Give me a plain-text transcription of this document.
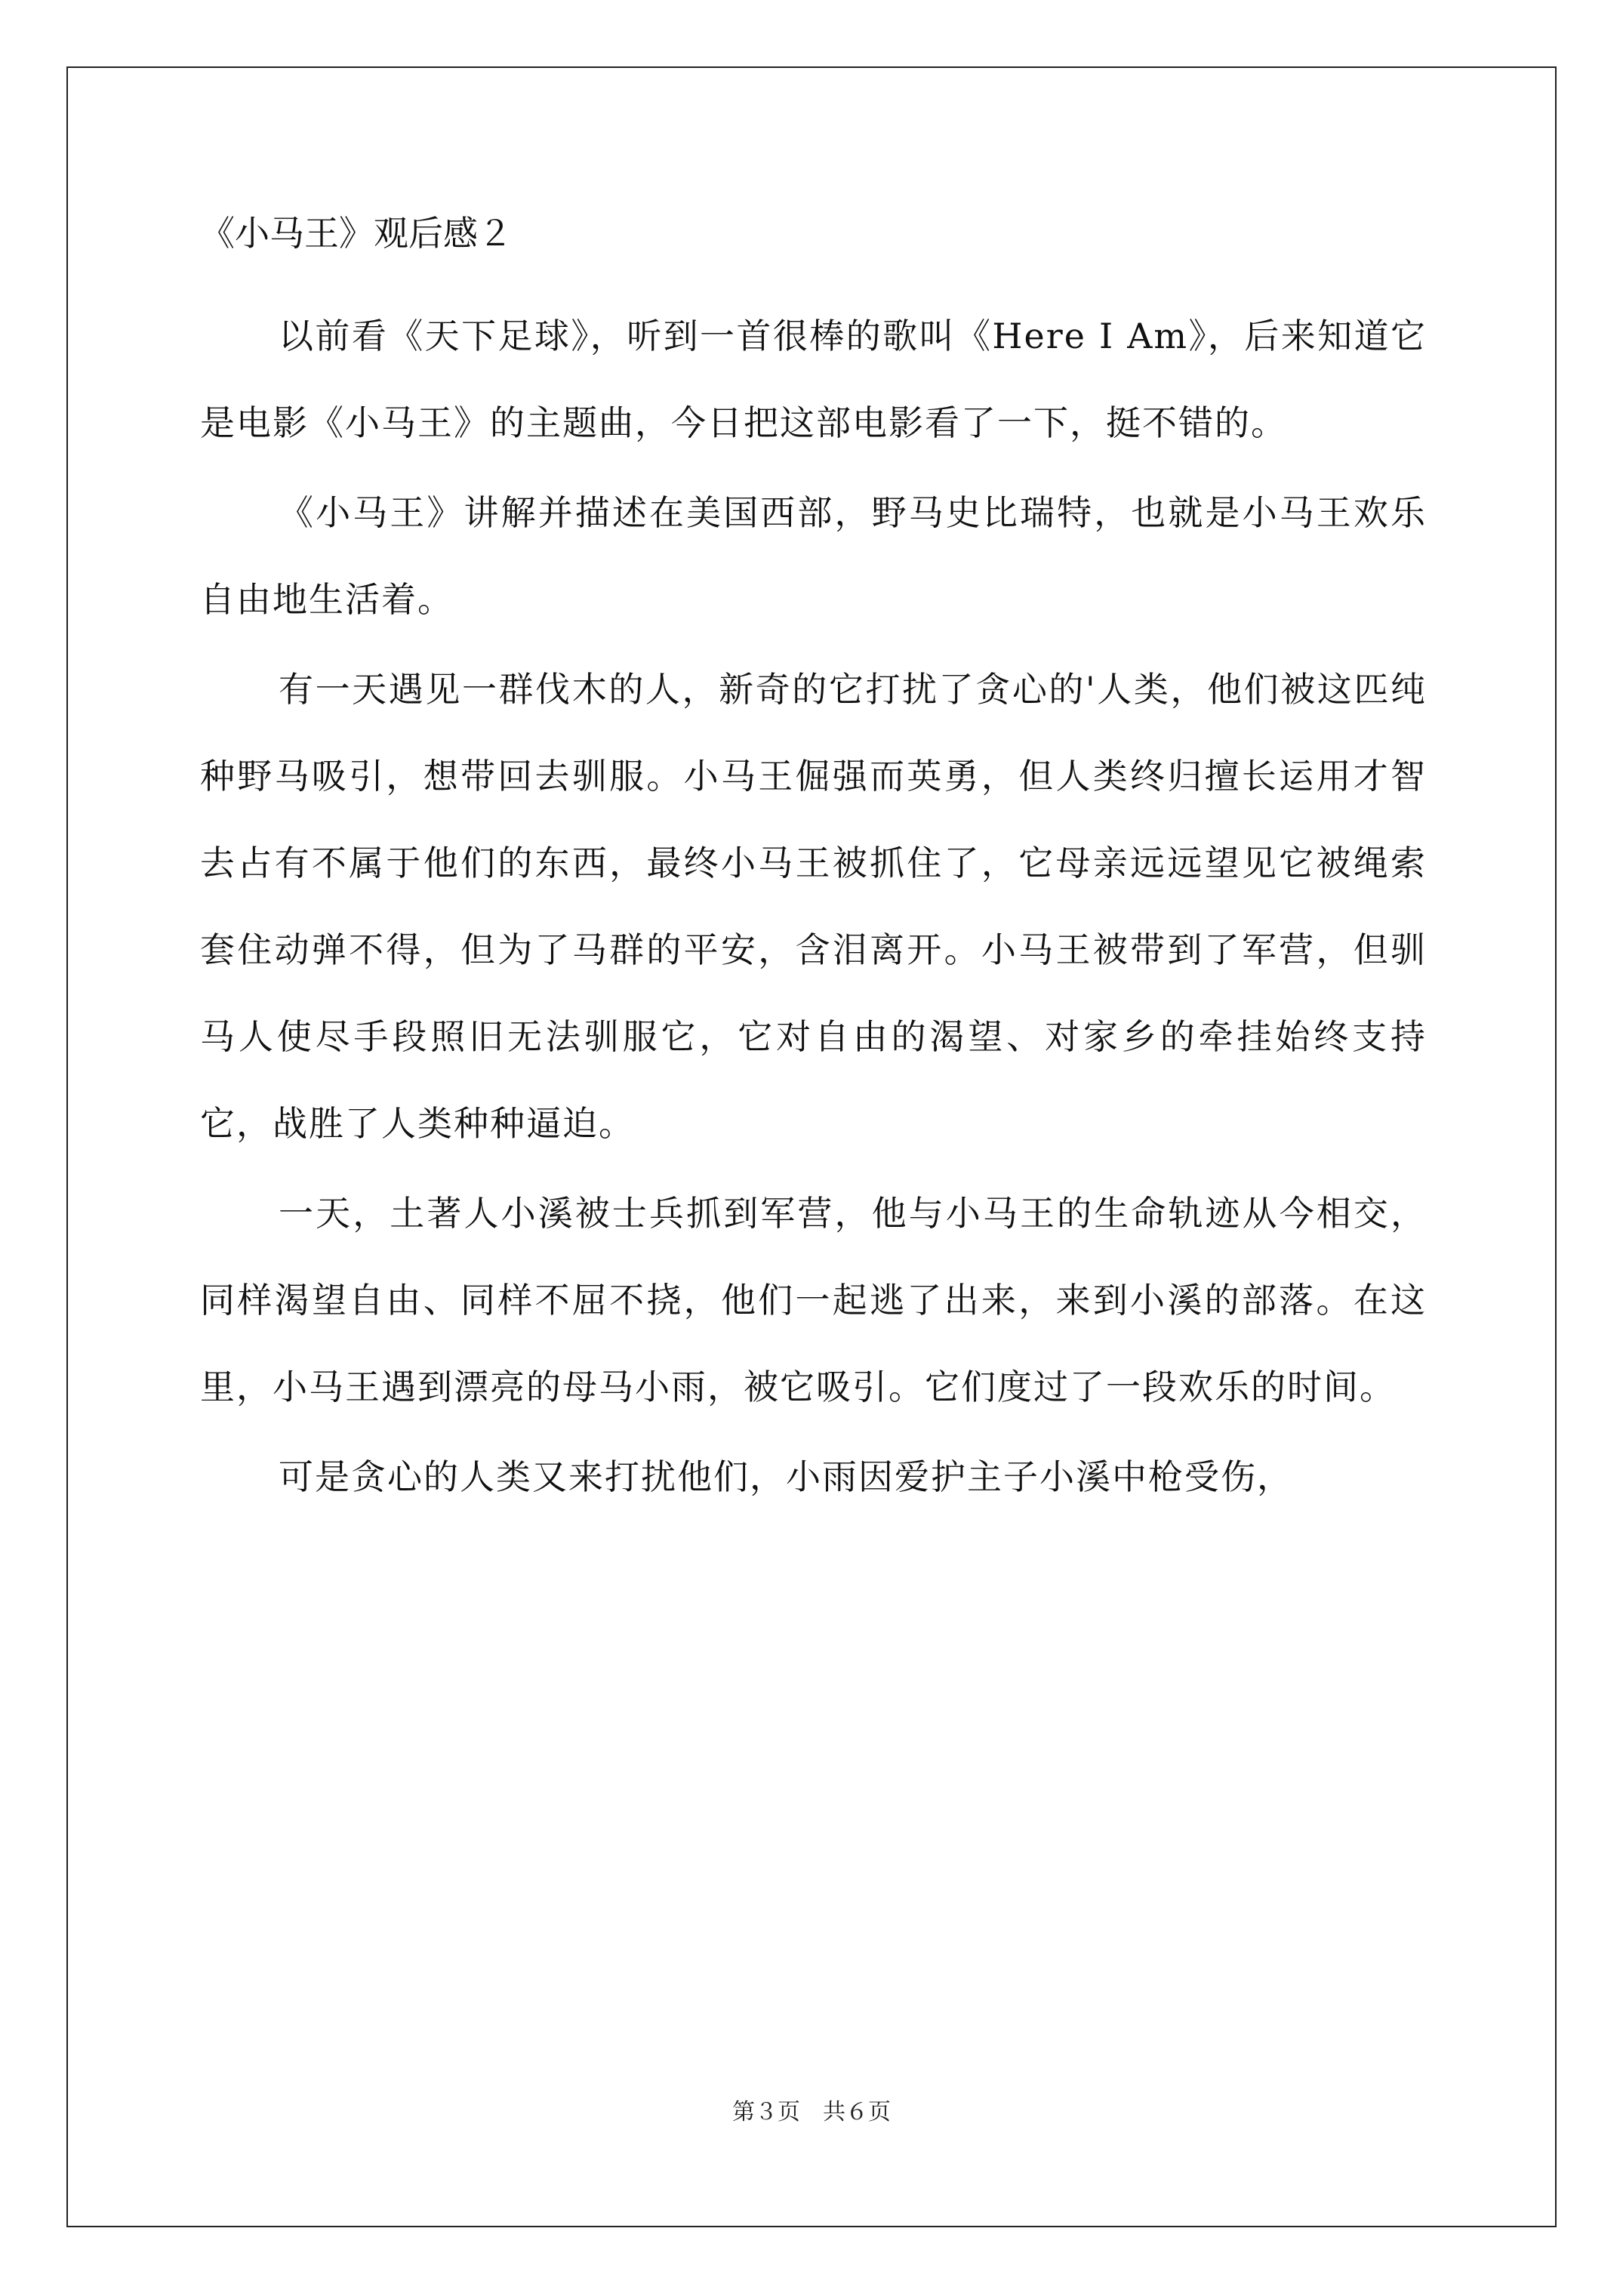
《小马王》观后感２

以前看《天下足球》，听到一首很棒的歌叫《Here I Am》，后来知道它是电影《小马王》的主题曲，今日把这部电影看了一下，挺不错的。

《小马王》讲解并描述在美国西部，野马史比瑞特，也就是小马王欢乐自由地生活着。

有一天遇见一群伐木的人，新奇的它打扰了贪心的'人类，他们被这匹纯种野马吸引，想带回去驯服。小马王倔强而英勇，但人类终归擅长运用才智去占有不属于他们的东西，最终小马王被抓住了，它母亲远远望见它被绳索套住动弹不得，但为了马群的平安，含泪离开。小马王被带到了军营，但驯马人使尽手段照旧无法驯服它，它对自由的渴望、对家乡的牵挂始终支持它，战胜了人类种种逼迫。

一天，土著人小溪被士兵抓到军营，他与小马王的生命轨迹从今相交，同样渴望自由、同样不屈不挠，他们一起逃了出来，来到小溪的部落。在这里，小马王遇到漂亮的母马小雨，被它吸引。它们度过了一段欢乐的时间。

可是贪心的人类又来打扰他们，小雨因爱护主子小溪中枪受伤，

第３页　共６页
